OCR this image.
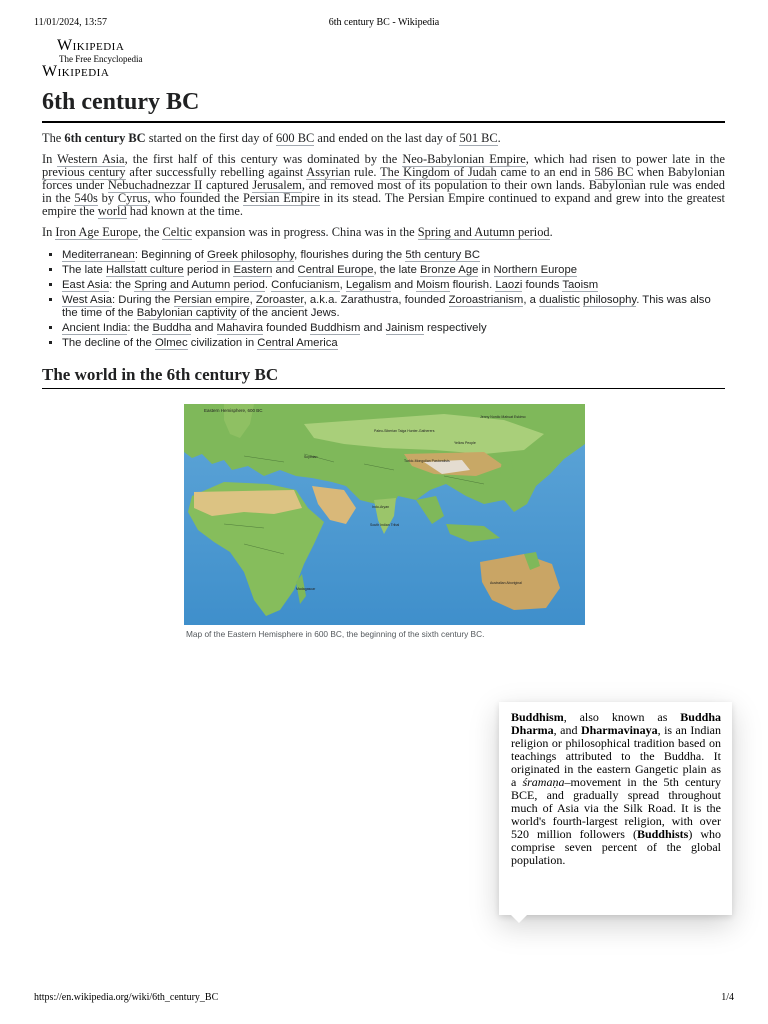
11/01/2024, 13:57	6th century BC - Wikipedia
Wikipedia
The Free Encyclopedia
Wikipedia
6th century BC

The 6th century BC started on the first day of 600 BC and ended on the last day of 501 BC.

In Western Asia, the first half of this century was dominated by the Neo-Babylonian Empire, which had risen to power late in the previous century after successfully rebelling against Assyrian rule. The Kingdom of Judah came to an end in 586 BC when Babylonian forces under Nebuchadnezzar II captured Jerusalem, and removed most of its population to their own lands. Babylonian rule was ended in the 540s by Cyrus, who founded the Persian Empire in its stead. The Persian Empire continued to expand and grew into the greatest empire the world had known at the time.

In Iron Age Europe, the Celtic expansion was in progress. China was in the Spring and Autumn period.

▪ Mediterranean: Beginning of Greek philosophy, flourishes during the 5th century BC
▪ The late Hallstatt culture period in Eastern and Central Europe, the late Bronze Age in Northern Europe
▪ East Asia: the Spring and Autumn period. Confucianism, Legalism and Moism flourish. Laozi founds Taoism
▪ West Asia: During the Persian empire, Zoroaster, a.k.a. Zarathustra, founded Zoroastrianism, a dualistic philosophy. This was also the time of the Babylonian captivity of the ancient Jews.
▪ Ancient India: the Buddha and Mahavira founded Buddhism and Jainism respectively
▪ The decline of the Olmec civilization in Central America
The world in the 6th century BC
Eastern Hemisphere, 600 BC
Jenny Nordic Mahuat Eskimo
Paleo-Siberian Taiga Hunter-Gatherers
Scythian
Turkic-Mongolian Pastoralists
Yellow People
Indo-Aryan
South Indian Tribal
Australian Aboriginal
Madagascar
Map of the Eastern Hemisphere in 600 BC, the beginning of the sixth century BC.
Buddhism, also known as Buddha Dharma, and Dharmavinaya, is an Indian religion or philosophical tradition based on teachings attributed to the Buddha. It originated in the eastern Gangetic plain as a śramaṇa–movement in the 5th century BCE, and gradually spread throughout much of Asia via the Silk Road. It is the world's fourth-largest religion, with over 520 million followers (Buddhists) who comprise seven percent of the global population.
https://en.wikipedia.org/wiki/6th_century_BC	1/4
